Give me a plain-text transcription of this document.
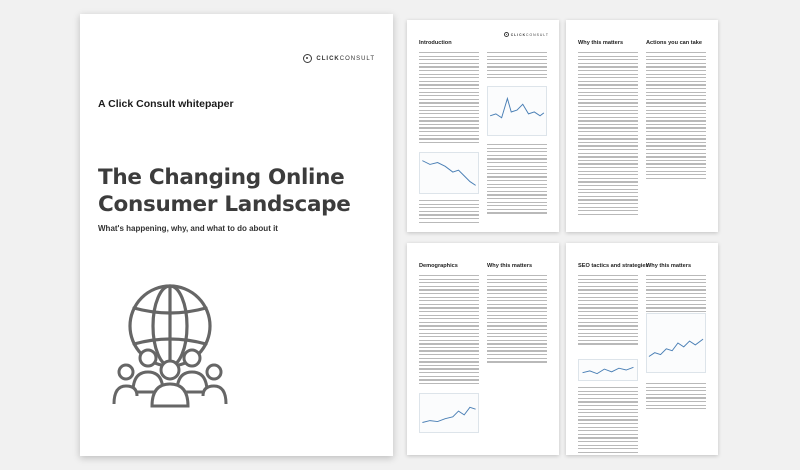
CLICKCONSULT
A Click Consult whitepaper
The Changing Online Consumer Landscape
What's happening, why, and what to do about it
Introduction
CLICKCONSULT
Why this matters	Actions you can take
Demographics	Why this matters	SEO tactics and strategies
Why this matters
